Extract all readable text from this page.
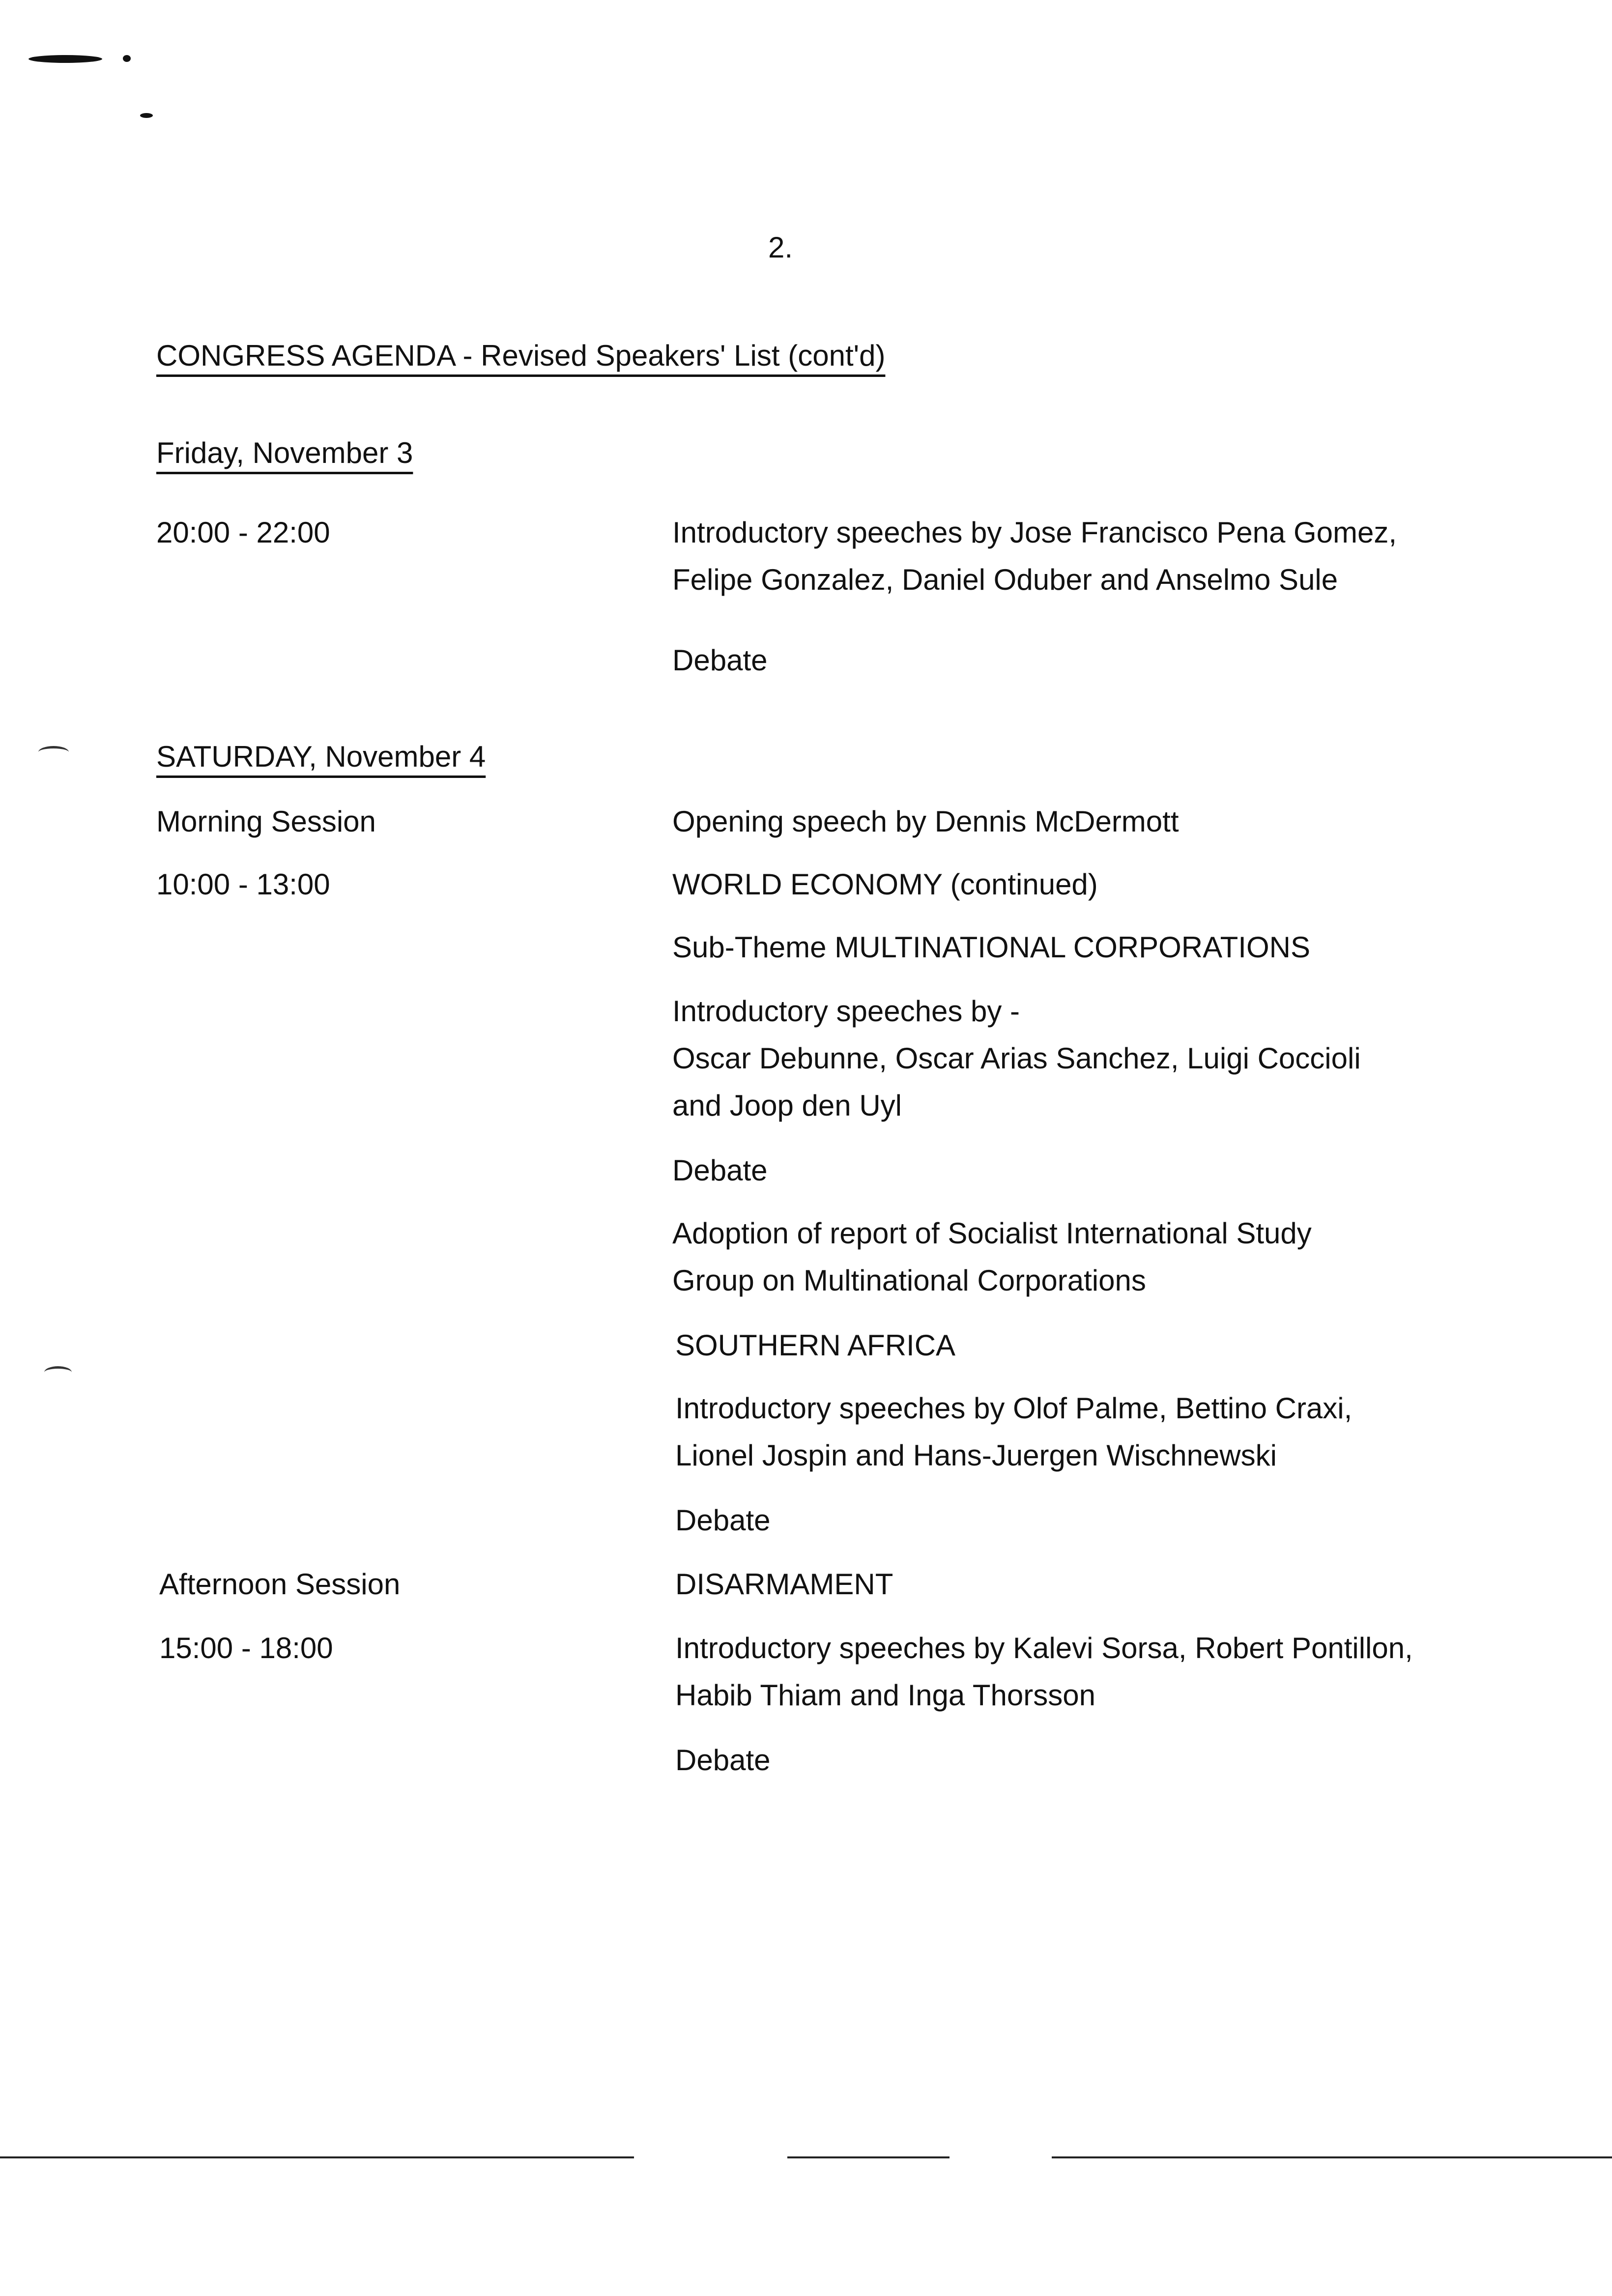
2.
CONGRESS AGENDA - Revised Speakers' List (cont'd)
Friday, November 3
20:00 - 22:00	Introductory speeches by Jose Francisco Pena Gomez,
Felipe Gonzalez, Daniel Oduber and Anselmo Sule
Debate
SATURDAY, November 4
Morning Session
10:00 - 13:00
Opening speech by Dennis McDermott
WORLD ECONOMY (continued)
Sub-Theme MULTINATIONAL CORPORATIONS
Introductory speeches by -
Oscar Debunne, Oscar Arias Sanchez, Luigi Coccioli
and Joop den Uyl
Debate
Adoption of report of Socialist International Study
Group on Multinational Corporations
SOUTHERN AFRICA
Introductory speeches by Olof Palme, Bettino Craxi,
Lionel Jospin and Hans-Juergen Wischnewski
Debate
Afternoon Session
15:00 - 18:00
DISARMAMENT
Introductory speeches by Kalevi Sorsa, Robert Pontillon,
Habib Thiam and Inga Thorsson
Debate
